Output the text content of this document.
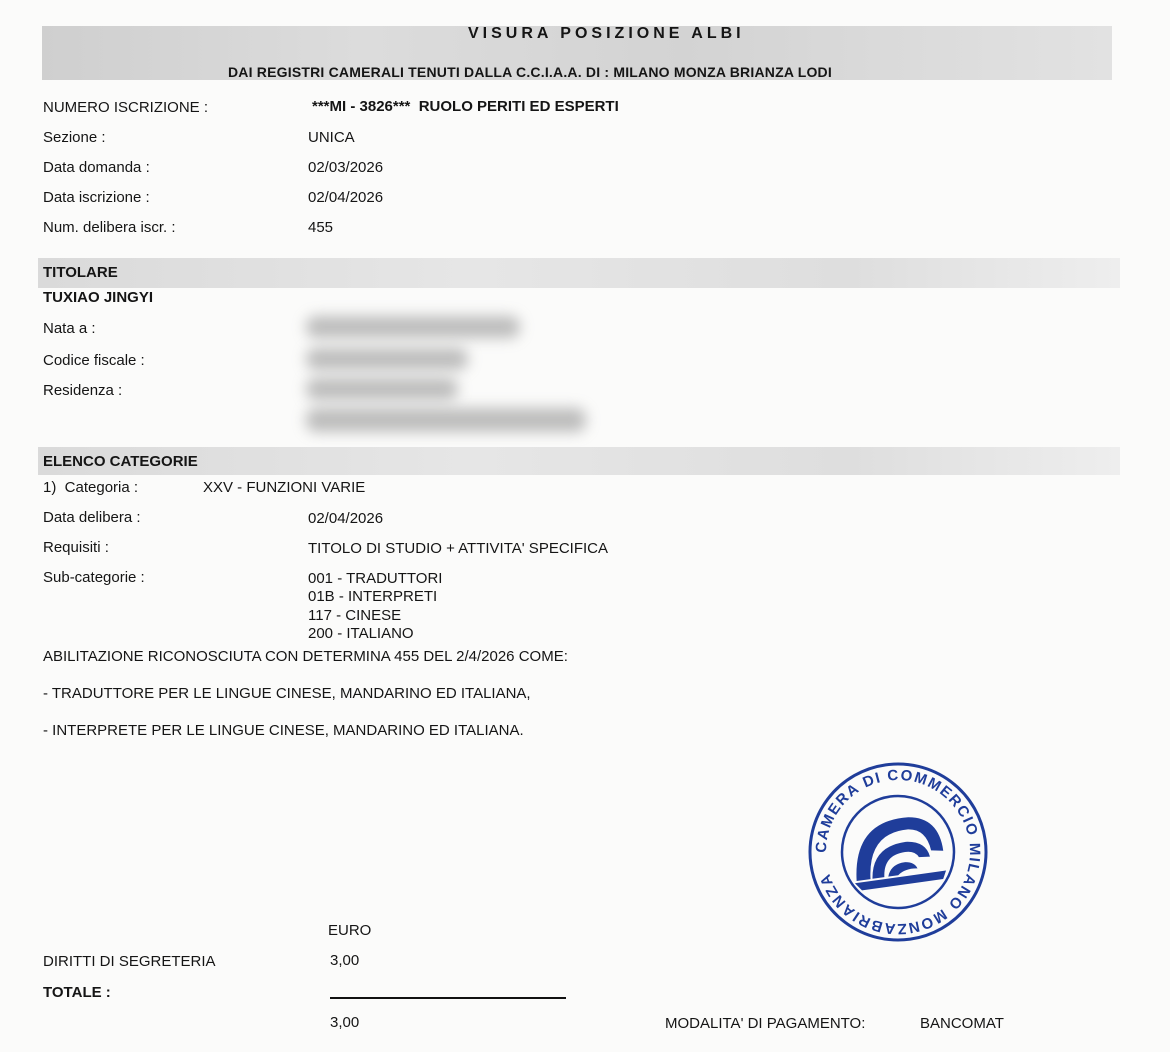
VISURA POSIZIONE ALBI
DAI REGISTRI CAMERALI TENUTI DALLA C.C.I.A.A. DI : MILANO MONZA BRIANZA LODI
NUMERO ISCRIZIONE :	***MI - 3826***  RUOLO PERITI ED ESPERTI
Sezione :	UNICA
Data domanda :	02/03/2026
Data iscrizione :	02/04/2026
Num. delibera iscr. :	455
TITOLARE
TUXIAO JINGYI
Nata a :
Codice fiscale :
Residenza :
ELENCO CATEGORIE
1)  Categoria :	XXV - FUNZIONI VARIE
Data delibera :	02/04/2026
Requisiti :	TITOLO DI STUDIO + ATTIVITA' SPECIFICA
Sub-categorie :	001 - TRADUTTORI
01B - INTERPRETI
117 - CINESE
200 - ITALIANO
ABILITAZIONE RICONOSCIUTA CON DETERMINA 455 DEL 2/4/2026 COME:
- TRADUTTORE PER LE LINGUE CINESE, MANDARINO ED ITALIANA,
- INTERPRETE PER LE LINGUE CINESE, MANDARINO ED ITALIANA.
CAMERA DI COMMERCIO MILANO MONZABRIANZA
EURO
DIRITTI DI SEGRETERIA	3,00
TOTALE :
3,00	MODALITA' DI PAGAMENTO:	BANCOMAT
